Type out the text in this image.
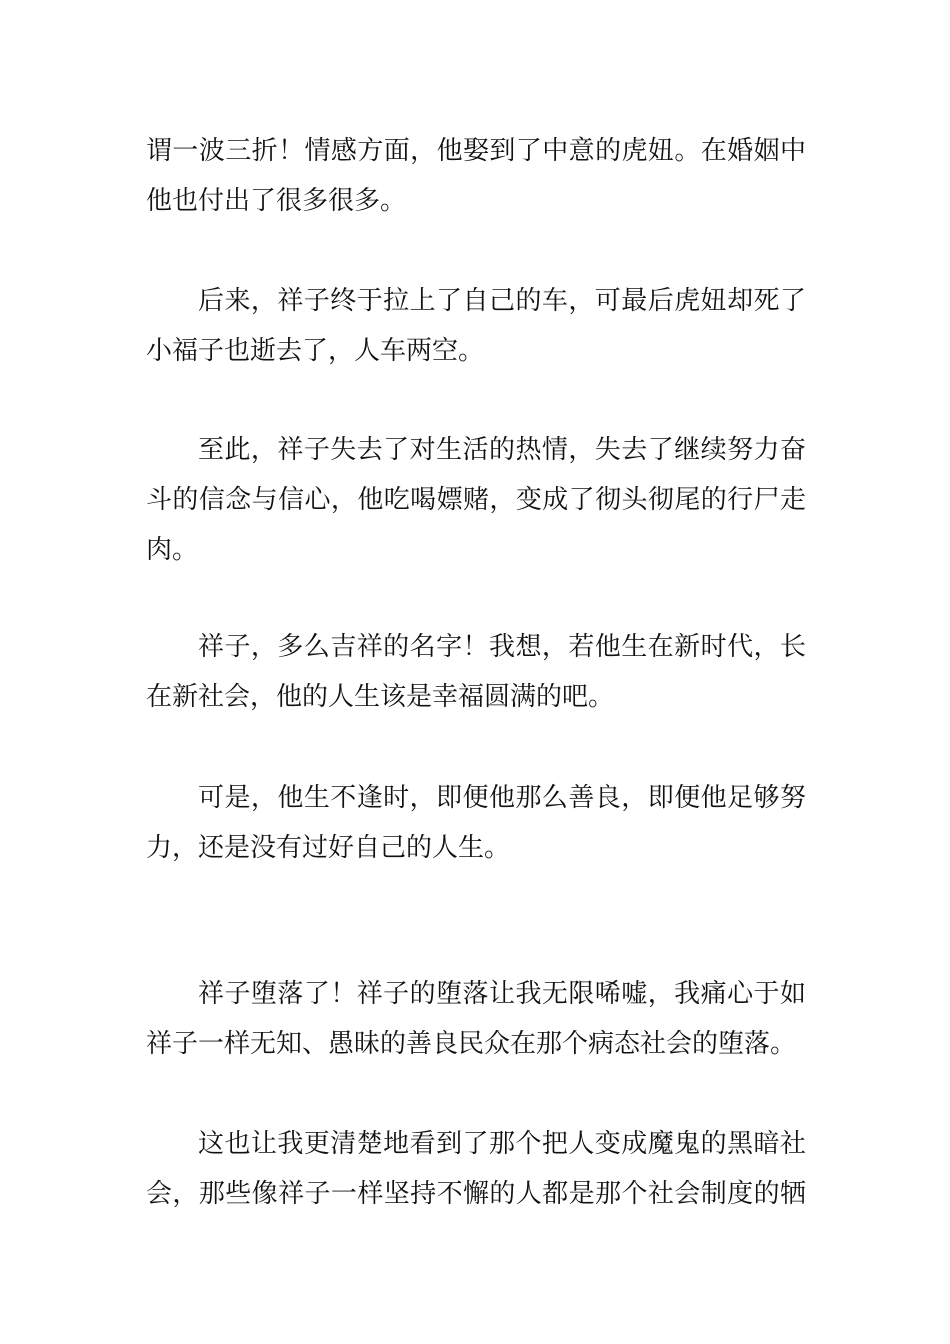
谓一波三折！情感方面，他娶到了中意的虎妞。在婚姻中
他也付出了很多很多。

后来，祥子终于拉上了自己的车，可最后虎妞却死了
小福子也逝去了，人车两空。

至此，祥子失去了对生活的热情，失去了继续努力奋
斗的信念与信心，他吃喝嫖赌，变成了彻头彻尾的行尸走
肉。

祥子，多么吉祥的名字！我想，若他生在新时代，长
在新社会，他的人生该是幸福圆满的吧。

可是，他生不逢时，即便他那么善良，即便他足够努
力，还是没有过好自己的人生。

祥子堕落了！祥子的堕落让我无限唏嘘，我痛心于如
祥子一样无知、愚昧的善良民众在那个病态社会的堕落。

这也让我更清楚地看到了那个把人变成魔鬼的黑暗社
会，那些像祥子一样坚持不懈的人都是那个社会制度的牺
